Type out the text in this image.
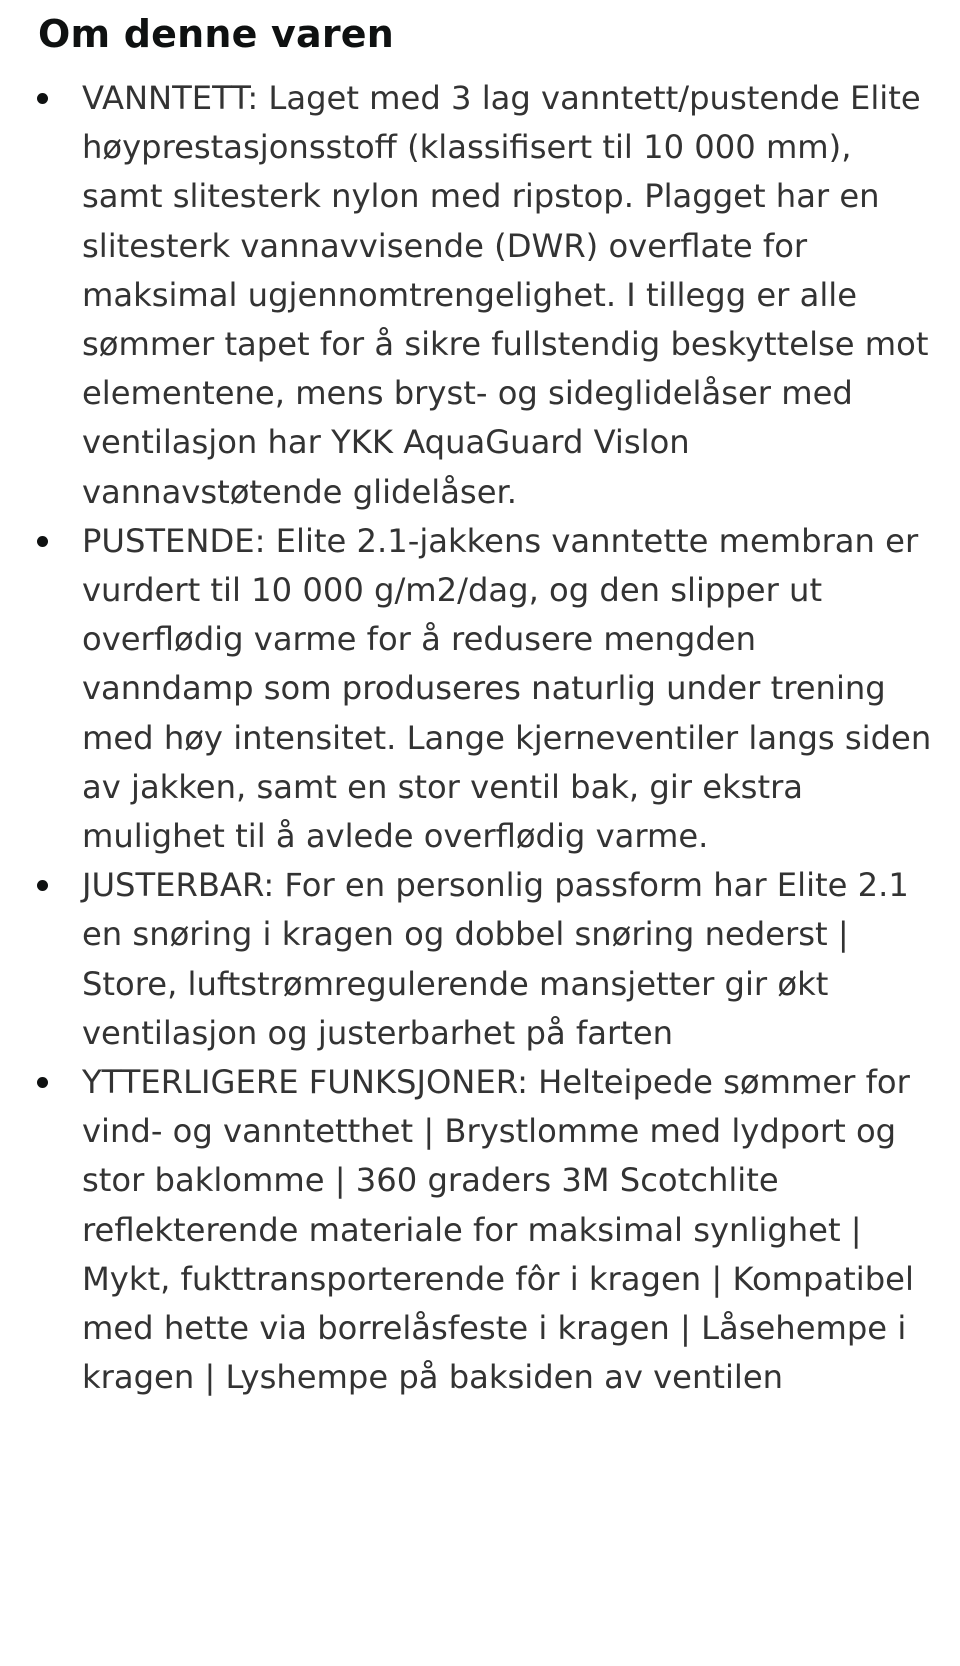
Om denne varen
VANNTETT: Laget med 3 lag vanntett/pustende Elite høyprestasjonsstoff (klassifisert til 10 000 mm), samt slitesterk nylon med ripstop. Plagget har en slitesterk vannavvisende (DWR) overflate for maksimal ugjennomtrengelighet. I tillegg er alle sømmer tapet for å sikre fullstendig beskyttelse mot elementene, mens bryst- og sideglidelåser med ventilasjon har YKK AquaGuard Vislon vannavstøtende glidelåser.
PUSTENDE: Elite 2.1-jakkens vanntette membran er vurdert til 10 000 g/m2/dag, og den slipper ut overflødig varme for å redusere mengden vanndamp som produseres naturlig under trening med høy intensitet. Lange kjerneventiler langs siden av jakken, samt en stor ventil bak, gir ekstra mulighet til å avlede overflødig varme.
JUSTERBAR: For en personlig passform har Elite 2.1 en snøring i kragen og dobbel snøring nederst | Store, luftstrømregulerende mansjetter gir økt ventilasjon og justerbarhet på farten
YTTERLIGERE FUNKSJONER: Helteipede sømmer for vind- og vanntetthet | Brystlomme med lydport og stor baklomme | 360 graders 3M Scotchlite reflekterende materiale for maksimal synlighet | Mykt, fukttransporterende fôr i kragen | Kompatibel med hette via borrelåsfeste i kragen | Låsehempe i kragen | Lyshempe på baksiden av ventilen
